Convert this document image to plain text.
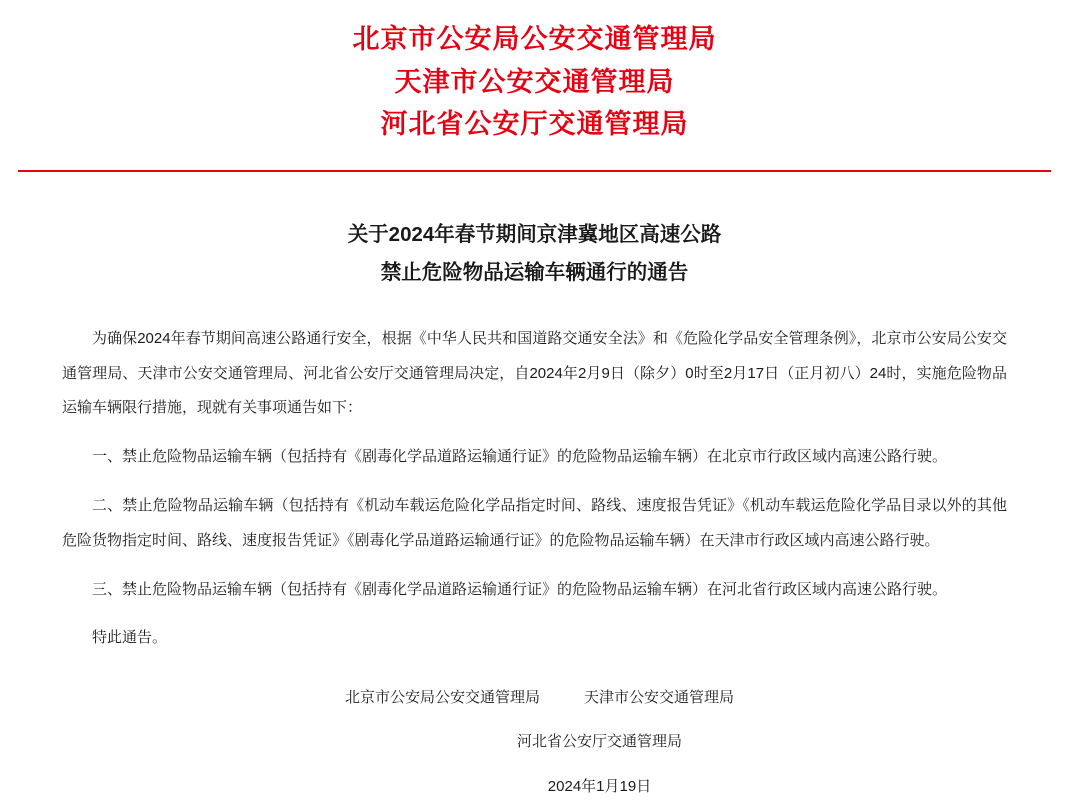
北京市公安局公安交通管理局
天津市公安交通管理局
河北省公安厅交通管理局
关于2024年春节期间京津冀地区高速公路
禁止危险物品运输车辆通行的通告

为确保2024年春节期间高速公路通行安全，根据《中华人民共和国道路交通安全法》和《危险化学品安全管理条例》，北京市公安局公安交通管理局、天津市公安交通管理局、河北省公安厅交通管理局决定，自2024年2月9日（除夕）0时至2月17日（正月初八）24时，实施危险物品运输车辆限行措施，现就有关事项通告如下：

一、禁止危险物品运输车辆（包括持有《剧毒化学品道路运输通行证》的危险物品运输车辆）在北京市行政区域内高速公路行驶。

二、禁止危险物品运输车辆（包括持有《机动车载运危险化学品指定时间、路线、速度报告凭证》《机动车载运危险化学品目录以外的其他危险货物指定时间、路线、速度报告凭证》《剧毒化学品道路运输通行证》的危险物品运输车辆）在天津市行政区域内高速公路行驶。

三、禁止危险物品运输车辆（包括持有《剧毒化学品道路运输通行证》的危险物品运输车辆）在河北省行政区域内高速公路行驶。

特此通告。

北京市公安局公安交通管理局	天津市公安交通管理局
河北省公安厅交通管理局
2024年1月19日
